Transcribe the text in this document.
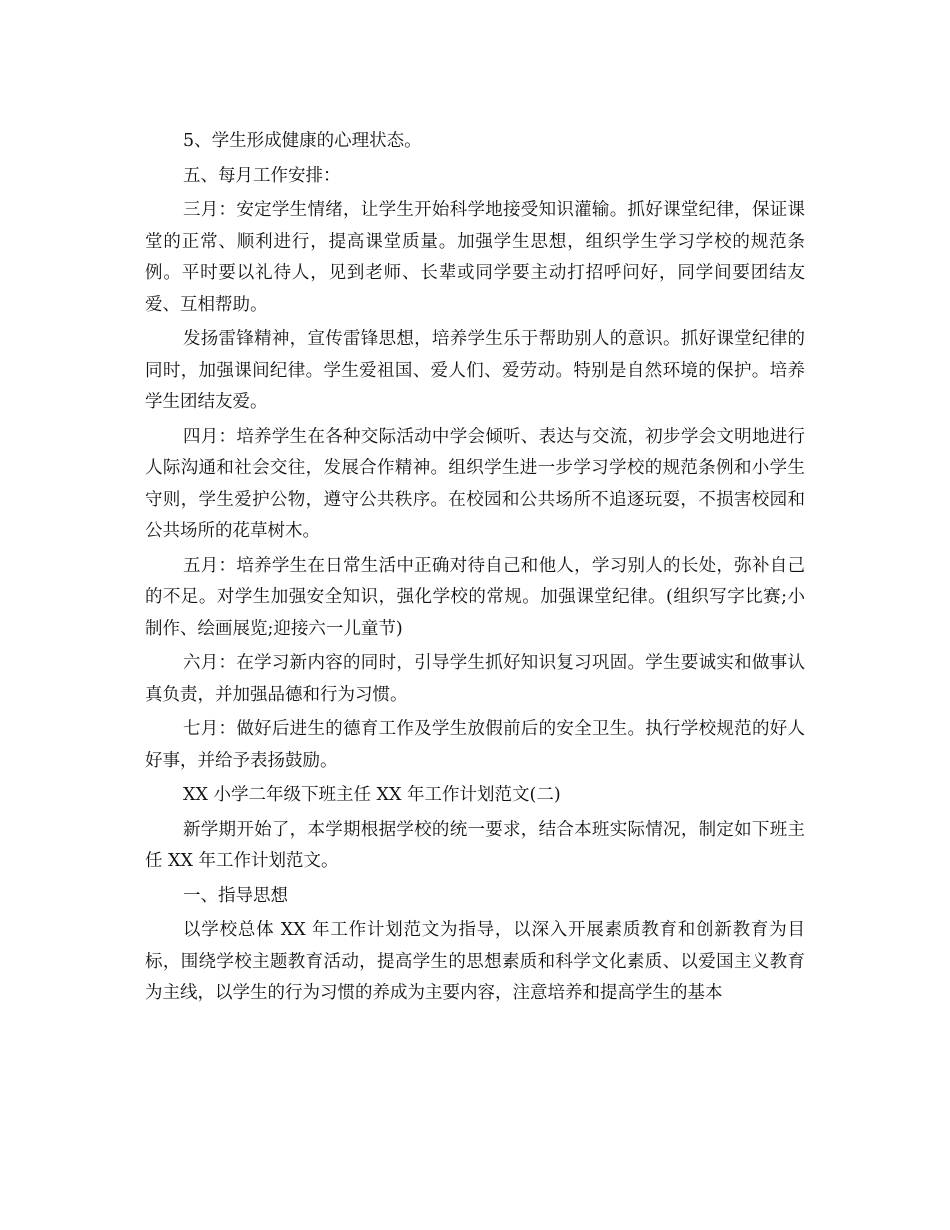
5、学生形成健康的心理状态。

五、每月工作安排：

三月：安定学生情绪，让学生开始科学地接受知识灌输。抓好课堂纪律，保证课堂的正常、顺利进行，提高课堂质量。加强学生思想，组织学生学习学校的规范条例。平时要以礼待人，见到老师、长辈或同学要主动打招呼问好，同学间要团结友爱、互相帮助。

发扬雷锋精神，宣传雷锋思想，培养学生乐于帮助别人的意识。抓好课堂纪律的同时，加强课间纪律。学生爱祖国、爱人们、爱劳动。特别是自然环境的保护。培养学生团结友爱。

四月：培养学生在各种交际活动中学会倾听、表达与交流，初步学会文明地进行人际沟通和社会交往，发展合作精神。组织学生进一步学习学校的规范条例和小学生守则，学生爱护公物，遵守公共秩序。在校园和公共场所不追逐玩耍，不损害校园和公共场所的花草树木。

五月：培养学生在日常生活中正确对待自己和他人，学习别人的长处，弥补自己的不足。对学生加强安全知识，强化学校的常规。加强课堂纪律。(组织写字比赛;小制作、绘画展览;迎接六一儿童节)

六月：在学习新内容的同时，引导学生抓好知识复习巩固。学生要诚实和做事认真负责，并加强品德和行为习惯。

七月：做好后进生的德育工作及学生放假前后的安全卫生。执行学校规范的好人好事，并给予表扬鼓励。

XX 小学二年级下班主任 XX 年工作计划范文(二)

新学期开始了，本学期根据学校的统一要求，结合本班实际情况，制定如下班主任 XX 年工作计划范文。

一、指导思想

以学校总体 XX 年工作计划范文为指导，以深入开展素质教育和创新教育为目标，围绕学校主题教育活动，提高学生的思想素质和科学文化素质、以爱国主义教育为主线，以学生的行为习惯的养成为主要内容，注意培养和提高学生的基本
